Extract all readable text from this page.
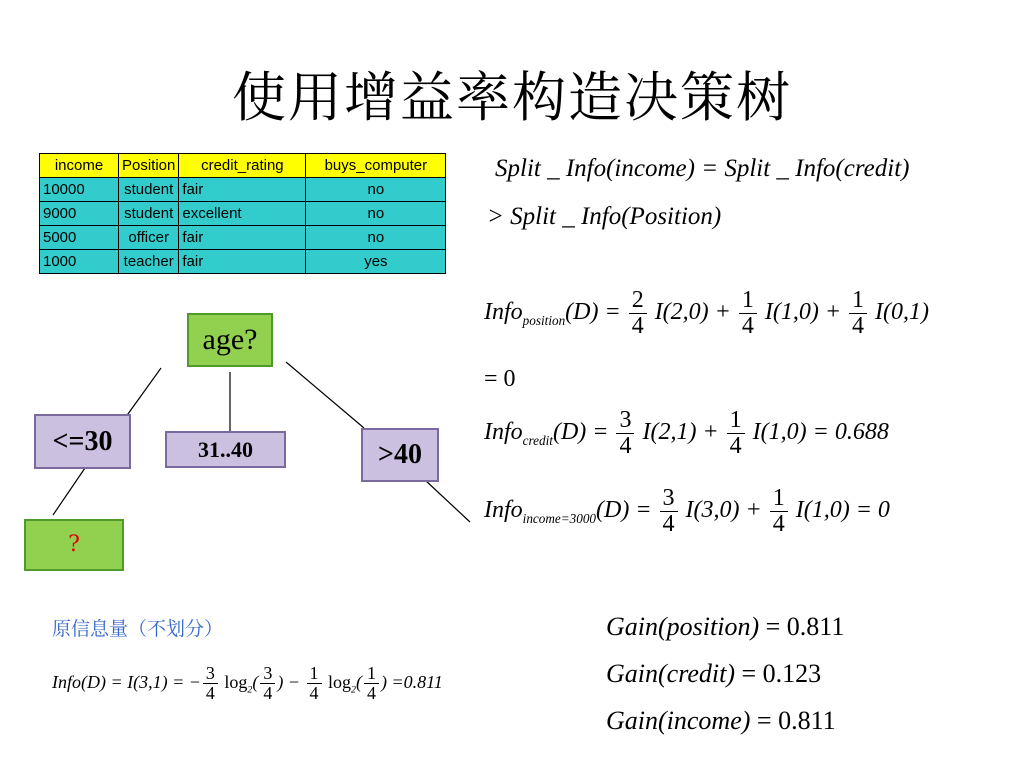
使用增益率构造决策树
income	Position	credit_rating	buys_computer
10000	student	fair	no
9000	student	excellent	no
5000	officer	fair	no
1000	teacher	fair	yes
Split _ Info(income) = Split _ Info(credit)
> Split _ Info(Position)
age?
<=30	31..40	>40
?
Info$_{position}$(D) = $\frac{2}{4} I(2,0) + \frac{1}{4} I(1,0) + \frac{1}{4} I(0,1)$
= 0
Info$_{credit}$(D) = $\frac{3}{4} I(2,1) + \frac{1}{4} I(1,0) = 0.688$
Info$_{income=3000}$(D) = $\frac{3}{4} I(3,0) + \frac{1}{4} I(1,0) = 0$
原信息量（不划分）
Info(D) = I(3,1) = − $\frac{3}{4} \log_2( \frac{3}{4}$ ) − $\frac{1}{4} \log_2( \frac{1}{4}$ ) =0.811
Gain(position) = 0.811
Gain(credit) = 0.123
Gain(income) = 0.811
